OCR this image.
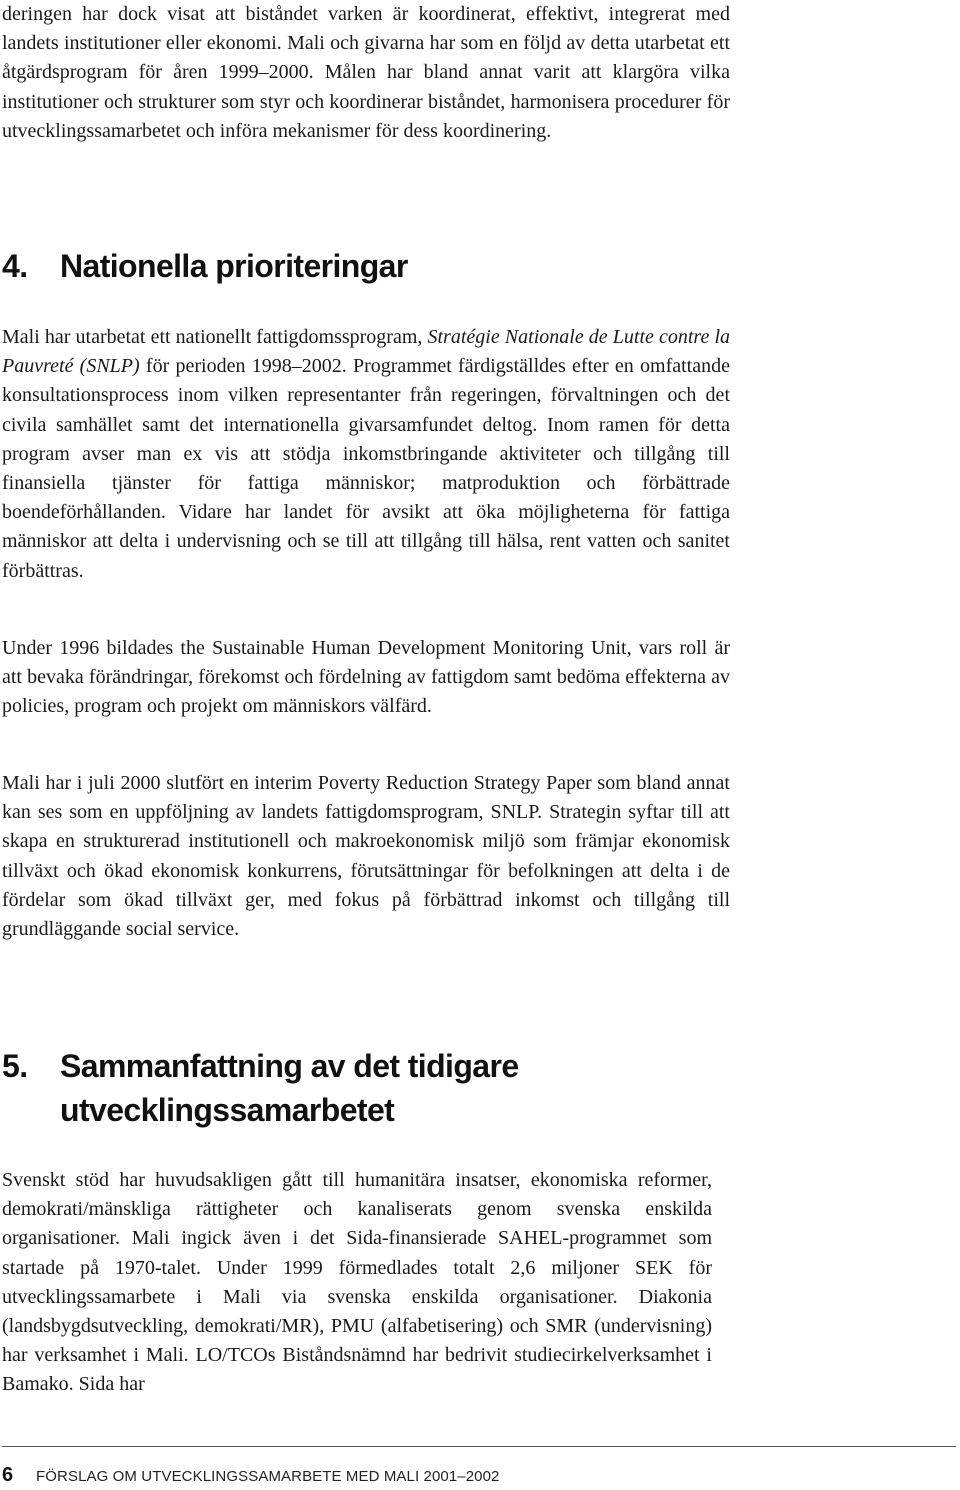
deringen har dock visat att biståndet varken är koordinerat, effektivt, integrerat med landets institutioner eller ekonomi. Mali och givarna har som en följd av detta utarbetat ett åtgärdsprogram för åren 1999–2000. Målen har bland annat varit att klargöra vilka institutioner och strukturer som styr och koordinerar biståndet, harmonisera procedurer för utvecklingssamarbetet och införa mekanismer för dess koordinering.

4.	Nationella prioriteringar

Mali har utarbetat ett nationellt fattigdomssprogram, Stratégie Nationale de Lutte contre la Pauvreté (SNLP) för perioden 1998–2002. Programmet färdigställdes efter en omfattande konsultationsprocess inom vilken representanter från regeringen, förvaltningen och det civila samhället samt det internationella givarsamfundet deltog. Inom ramen för detta program avser man ex vis att stödja inkomstbringande aktiviteter och tillgång till finansiella tjänster för fattiga människor; matproduktion och förbättrade boendeförhållanden. Vidare har landet för avsikt att öka möjligheterna för fattiga människor att delta i undervisning och se till att tillgång till hälsa, rent vatten och sanitet förbättras.

Under 1996 bildades the Sustainable Human Development Monitoring Unit, vars roll är att bevaka förändringar, förekomst och fördelning av fattigdom samt bedöma effekterna av policies, program och projekt om människors välfärd.

Mali har i juli 2000 slutfört en interim Poverty Reduction Strategy Paper som bland annat kan ses som en uppföljning av landets fattigdomsprogram, SNLP. Strategin syftar till att skapa en strukturerad institutionell och makroekonomisk miljö som främjar ekonomisk tillväxt och ökad ekonomisk konkurrens, förutsättningar för befolkningen att delta i de fördelar som ökad tillväxt ger, med fokus på förbättrad inkomst och tillgång till grundläggande social service.

5.	Sammanfattning av det tidigare utvecklingssamarbetet

Svenskt stöd har huvudsakligen gått till humanitära insatser, ekonomiska reformer, demokrati/mänskliga rättigheter och kanaliserats genom svenska enskilda organisationer. Mali ingick även i det Sida-finansierade SAHEL-programmet som startade på 1970-talet. Under 1999 förmedlades totalt 2,6 miljoner SEK för utvecklingssamarbete i Mali via svenska enskilda organisationer. Diakonia (landsbygdsutveckling, demokrati/MR), PMU (alfabetisering) och SMR (undervisning) har verksamhet i Mali. LO/TCOs Biståndsnämnd har bedrivit studiecirkelverksamhet i Bamako. Sida har

6	FÖRSLAG OM UTVECKLINGSSAMARBETE MED MALI 2001–2002
